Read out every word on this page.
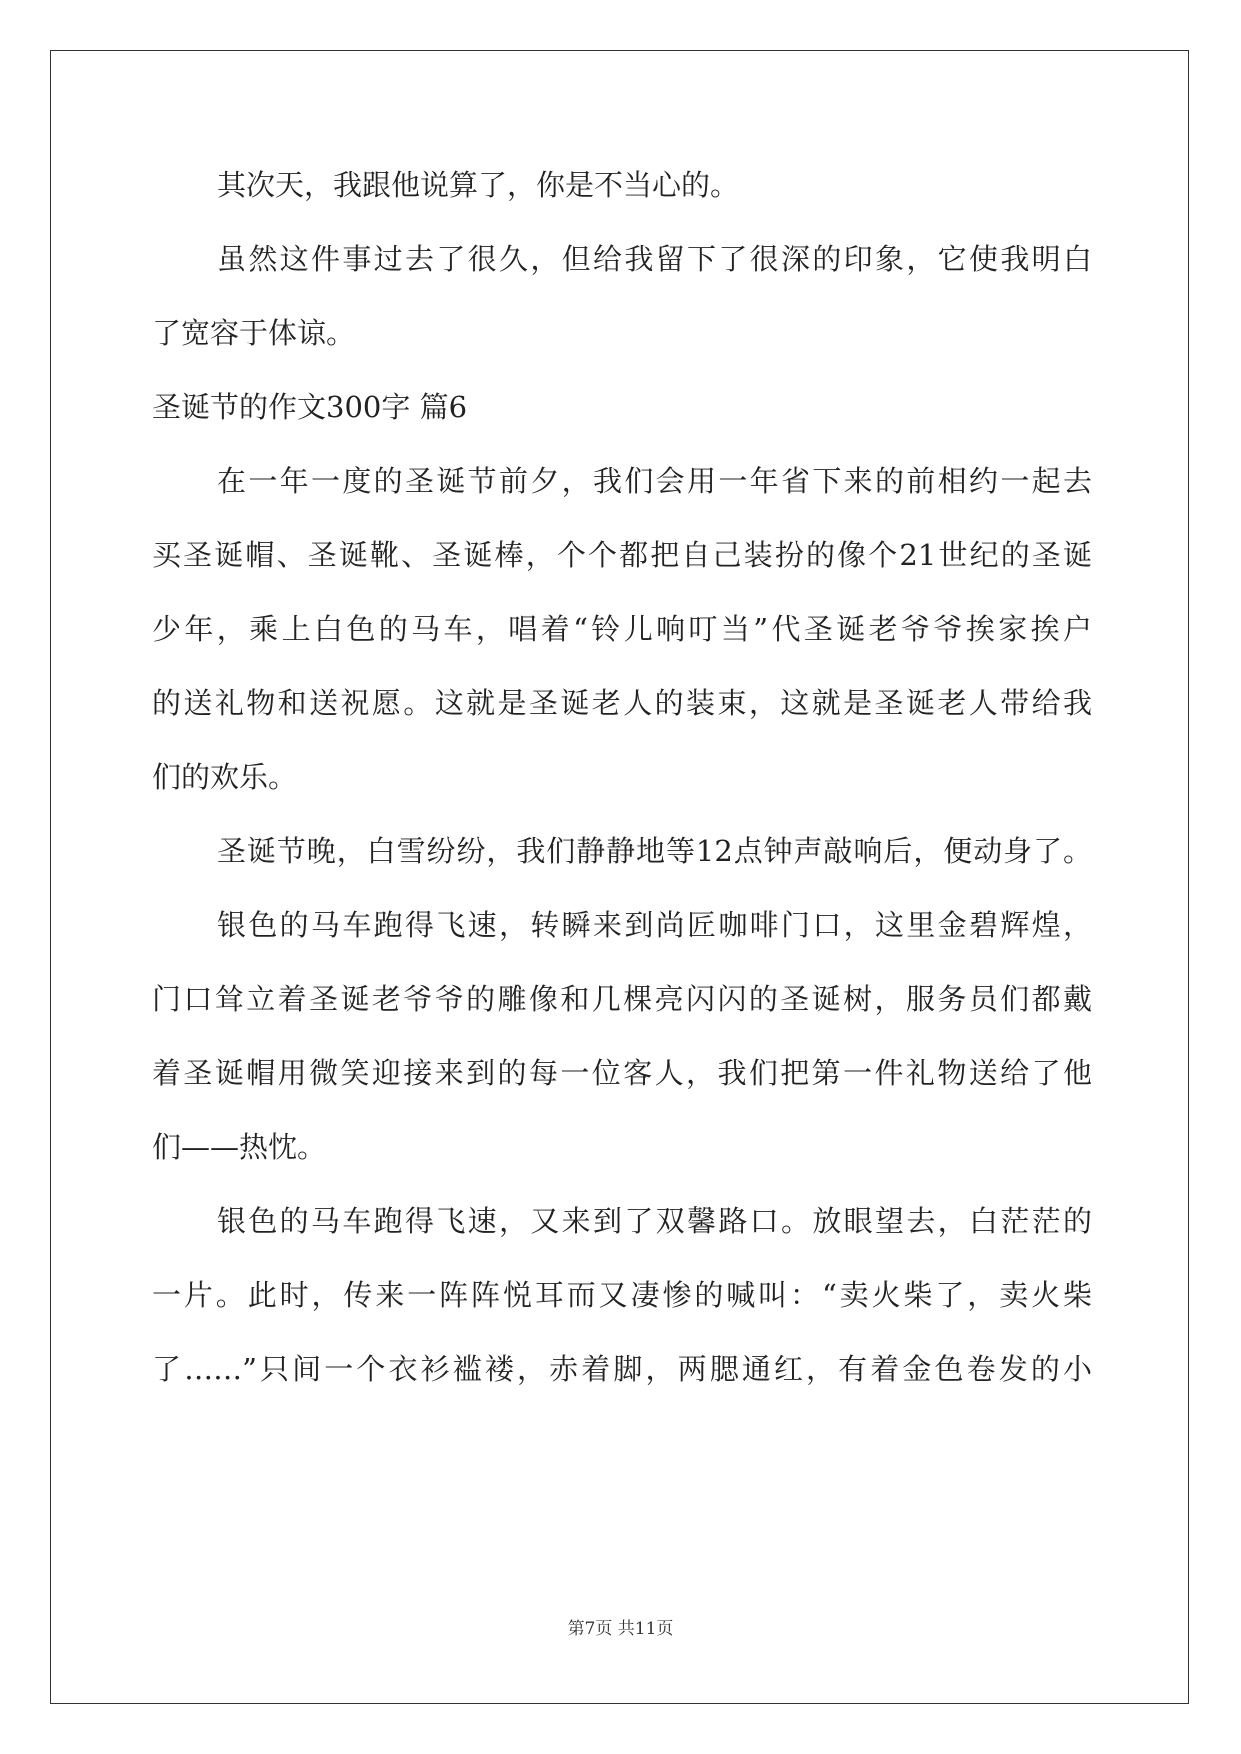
其次天，我跟他说算了，你是不当心的。
虽然这件事过去了很久，但给我留下了很深的印象，它使我明白
了宽容于体谅。
圣诞节的作文300字 篇6
在一年一度的圣诞节前夕，我们会用一年省下来的前相约一起去
买圣诞帽、圣诞靴、圣诞棒，个个都把自己装扮的像个21世纪的圣诞
少年，乘上白色的马车，唱着“铃儿响叮当”代圣诞老爷爷挨家挨户
的送礼物和送祝愿。这就是圣诞老人的装束，这就是圣诞老人带给我
们的欢乐。
圣诞节晚，白雪纷纷，我们静静地等12点钟声敲响后，便动身了。
银色的马车跑得飞速，转瞬来到尚匠咖啡门口，这里金碧辉煌，
门口耸立着圣诞老爷爷的雕像和几棵亮闪闪的圣诞树，服务员们都戴
着圣诞帽用微笑迎接来到的每一位客人，我们把第一件礼物送给了他
们——热忱。
银色的马车跑得飞速，又来到了双馨路口。放眼望去，白茫茫的
一片。此时，传来一阵阵悦耳而又凄惨的喊叫：“卖火柴了，卖火柴
了……”只间一个衣衫褴褛，赤着脚，两腮通红，有着金色卷发的小
第7页 共11页
